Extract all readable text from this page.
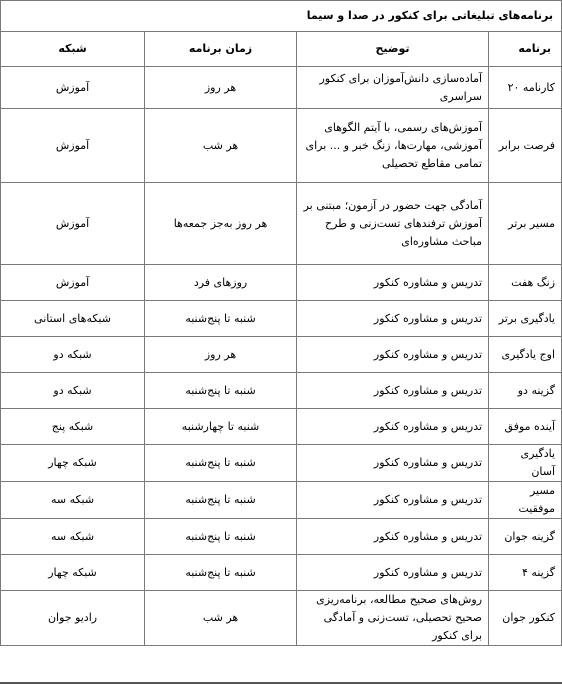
برنامه‌های تبلیغاتی برای کنکور در صدا و سیما			
برنامه	توضیح	زمان برنامه	شبکه
کارنامه ۲۰	آماده‌سازی دانش‌آموزان برای کنکور سراسری	هر روز	آموزش
فرصت برابر	آموزش‌های رسمی، با آیتم الگوهای آموزشی، مهارت‌ها، زنگ خبر و ... برای تمامی مقاطع تحصیلی	هر شب	آموزش
مسیر برتر	آمادگی جهت حضور در آزمون؛ مبتنی بر آموزش ترفندهای تست‌زنی و طرح مباحث مشاوره‌ای	هر روز به‌جز جمعه‌ها	آموزش
زنگ هفت	تدریس و مشاوره کنکور	روزهای فرد	آموزش
یادگیری برتر	تدریس و مشاوره کنکور	شنبه تا پنج‌شنبه	شبکه‌های استانی
اوج یادگیری	تدریس و مشاوره کنکور	هر روز	شبکه دو
گزینه دو	تدریس و مشاوره کنکور	شنبه تا پنج‌شنبه	شبکه دو
آینده موفق	تدریس و مشاوره کنکور	شنبه تا چهارشنبه	شبکه پنج
یادگیری آسان	تدریس و مشاوره کنکور	شنبه تا پنج‌شنبه	شبکه چهار
مسیر موفقیت	تدریس و مشاوره کنکور	شنبه تا پنج‌شنبه	شبکه سه
گزینه جوان	تدریس و مشاوره کنکور	شنبه تا پنج‌شنبه	شبکه سه
گزینه ۴	تدریس و مشاوره کنکور	شنبه تا پنج‌شنبه	شبکه چهار
کنکور جوان	روش‌های صحیح مطالعه، برنامه‌ریزی صحیح تحصیلی، تست‌زنی و آمادگی برای کنکور	هر شب	رادیو جوان
